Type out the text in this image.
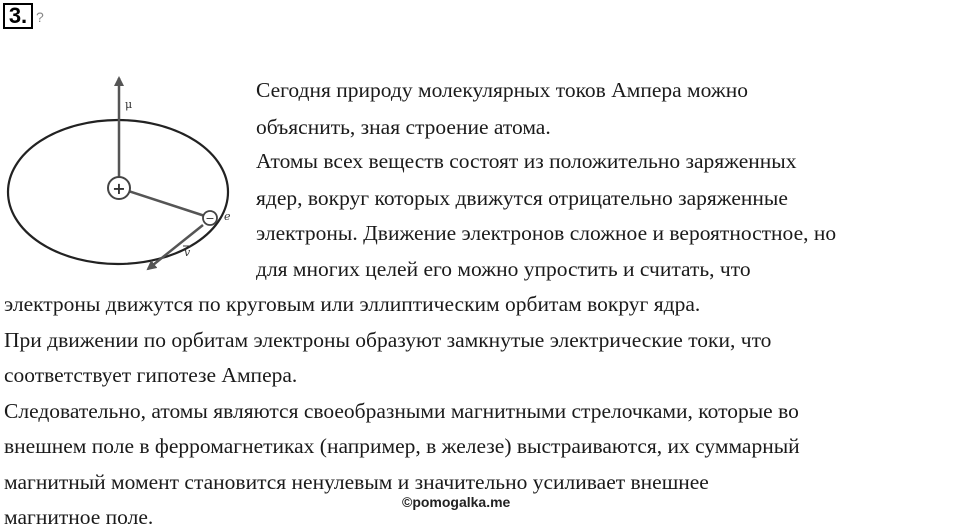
3. ?
μ
+
− e
v

Сегодня природу молекулярных токов Ампера можно

объяснить, зная строение атома.

Атомы всех веществ состоят из положительно заряженных

ядер, вокруг которых движутся отрицательно заряженные

электроны. Движение электронов сложное и вероятностное, но

для многих целей его можно упростить и считать, что

электроны движутся по круговым или эллиптическим орбитам вокруг ядра.

При движении по орбитам электроны образуют замкнутые электрические токи, что

соответствует гипотезе Ампера.

Следовательно, атомы являются своеобразными магнитными стрелочками, которые во

внешнем поле в ферромагнетиках (например, в железе) выстраиваются, их суммарный

магнитный момент становится ненулевым и значительно усиливает внешнее

магнитное поле.

©pomogalka.me
